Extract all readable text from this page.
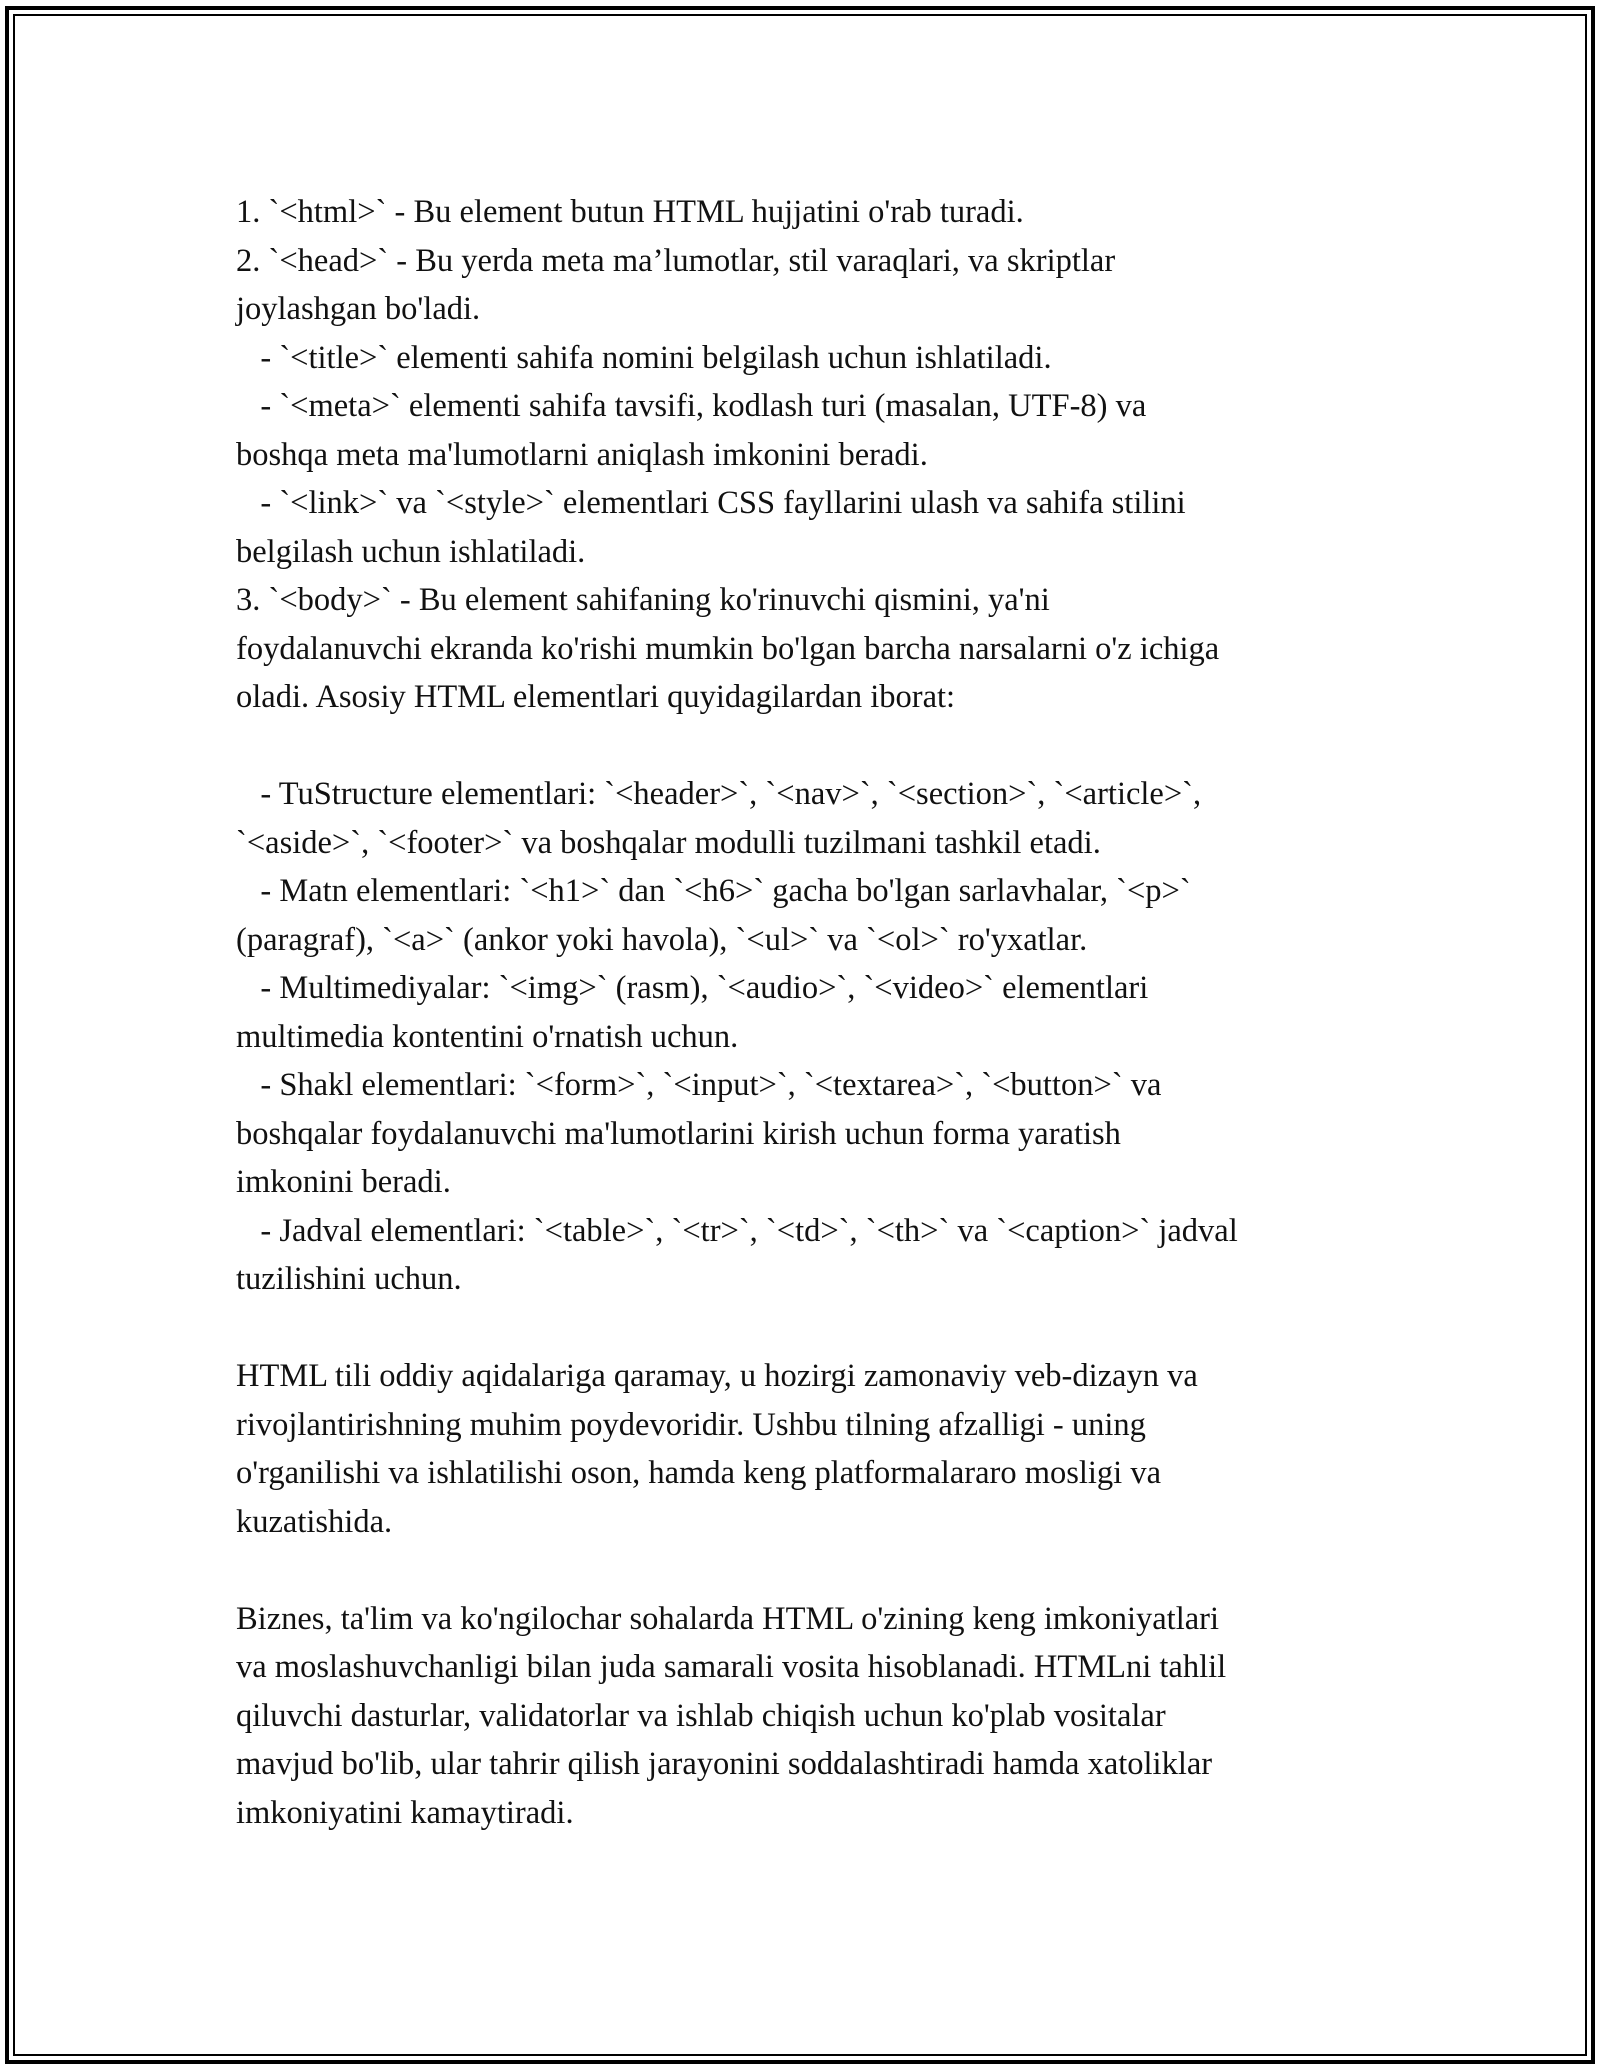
1. `<html>` - Bu element butun HTML hujjatini o'rab turadi.
2. `<head>` - Bu yerda meta ma’lumotlar, stil varaqlari, va skriptlar
joylashgan bo'ladi.
- `<title>` elementi sahifa nomini belgilash uchun ishlatiladi.
- `<meta>` elementi sahifa tavsifi, kodlash turi (masalan, UTF-8) va
boshqa meta ma'lumotlarni aniqlash imkonini beradi.
- `<link>` va `<style>` elementlari CSS fayllarini ulash va sahifa stilini
belgilash uchun ishlatiladi.
3. `<body>` - Bu element sahifaning ko'rinuvchi qismini, ya'ni
foydalanuvchi ekranda ko'rishi mumkin bo'lgan barcha narsalarni o'z ichiga
oladi. Asosiy HTML elementlari quyidagilardan iborat:
- TuStructure elementlari: `<header>`, `<nav>`, `<section>`, `<article>`,
`<aside>`, `<footer>` va boshqalar modulli tuzilmani tashkil etadi.
- Matn elementlari: `<h1>` dan `<h6>` gacha bo'lgan sarlavhalar, `<p>`
(paragraf), `<a>` (ankor yoki havola), `<ul>` va `<ol>` ro'yxatlar.
- Multimediyalar: `<img>` (rasm), `<audio>`, `<video>` elementlari
multimedia kontentini o'rnatish uchun.
- Shakl elementlari: `<form>`, `<input>`, `<textarea>`, `<button>` va
boshqalar foydalanuvchi ma'lumotlarini kirish uchun forma yaratish
imkonini beradi.
- Jadval elementlari: `<table>`, `<tr>`, `<td>`, `<th>` va `<caption>` jadval
tuzilishini uchun.
HTML tili oddiy aqidalariga qaramay, u hozirgi zamonaviy veb-dizayn va
rivojlantirishning muhim poydevoridir. Ushbu tilning afzalligi - uning
o'rganilishi va ishlatilishi oson, hamda keng platformalararo mosligi va
kuzatishida.
Biznes, ta'lim va ko'ngilochar sohalarda HTML o'zining keng imkoniyatlari
va moslashuvchanligi bilan juda samarali vosita hisoblanadi. HTMLni tahlil
qiluvchi dasturlar, validatorlar va ishlab chiqish uchun ko'plab vositalar
mavjud bo'lib, ular tahrir qilish jarayonini soddalashtiradi hamda xatoliklar
imkoniyatini kamaytiradi.
